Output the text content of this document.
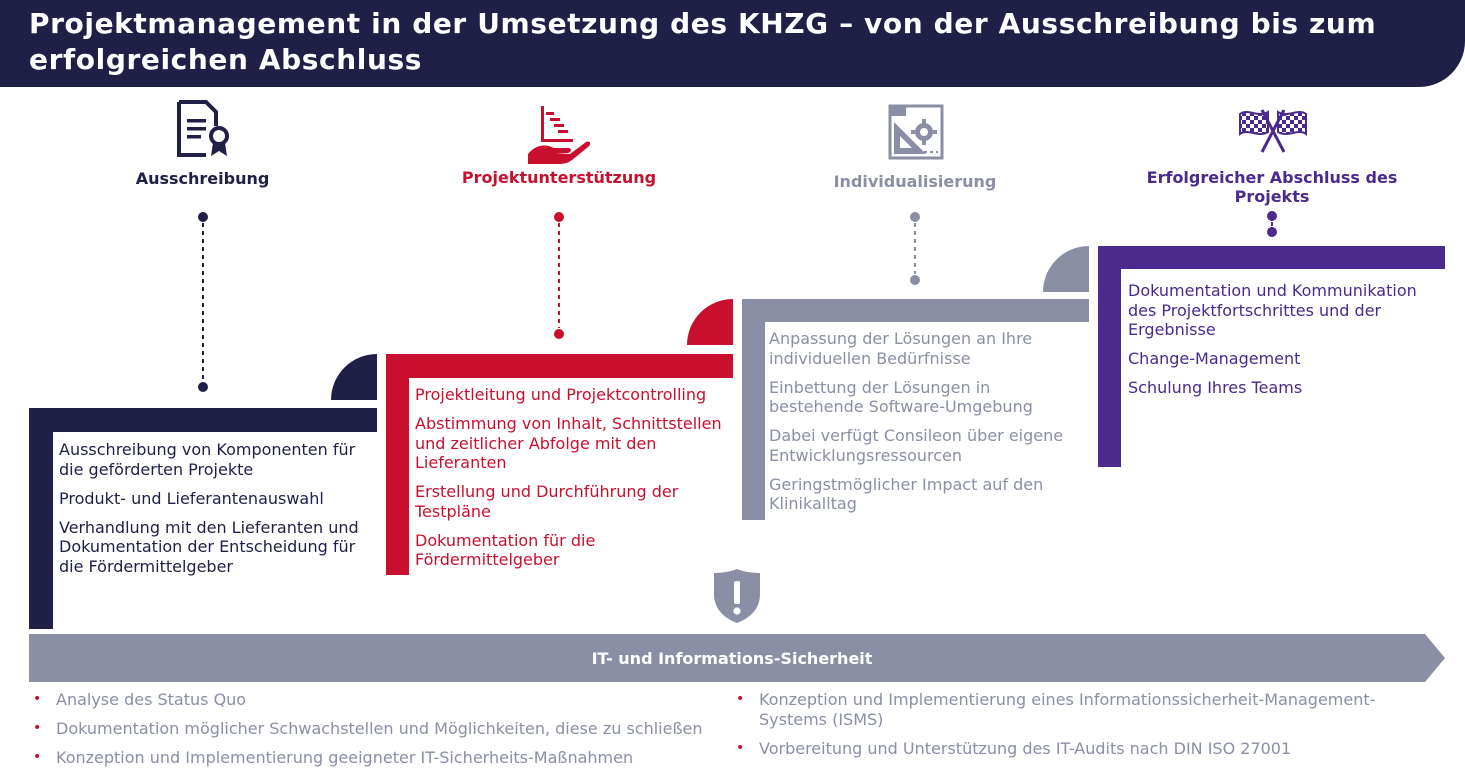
Projektmanagement in der Umsetzung des KHZG – von der Ausschreibung bis zum erfolgreichen Abschluss
Ausschreibung
Ausschreibung von Komponenten für die geförderten Projekte
Produkt- und Lieferantenauswahl
Verhandlung mit den Lieferanten und Dokumentation der Entscheidung für die Fördermittelgeber
Projektunterstützung
Projektleitung und Projektcontrolling
Abstimmung von Inhalt, Schnittstellen und zeitlicher Abfolge mit den Lieferanten
Erstellung und Durchführung der Testpläne
Dokumentation für die Fördermittelgeber
Individualisierung
Anpassung der Lösungen an Ihre individuellen Bedürfnisse
Einbettung der Lösungen in bestehende Software-Umgebung
Dabei verfügt Consileon über eigene Entwicklungsressourcen
Geringstmöglicher Impact auf den Klinikalltag
Erfolgreicher Abschluss des Projekts
Dokumentation und Kommunikation des Projektfortschrittes und der Ergebnisse
Change-Management
Schulung Ihres Teams
IT- und Informations-Sicherheit
• Analyse des Status Quo
• Dokumentation möglicher Schwachstellen und Möglichkeiten, diese zu schließen
• Konzeption und Implementierung geeigneter IT-Sicherheits-Maßnahmen
• Konzeption und Implementierung eines Informationssicherheit-Management-Systems (ISMS)
• Vorbereitung und Unterstützung des IT-Audits nach DIN ISO 27001
